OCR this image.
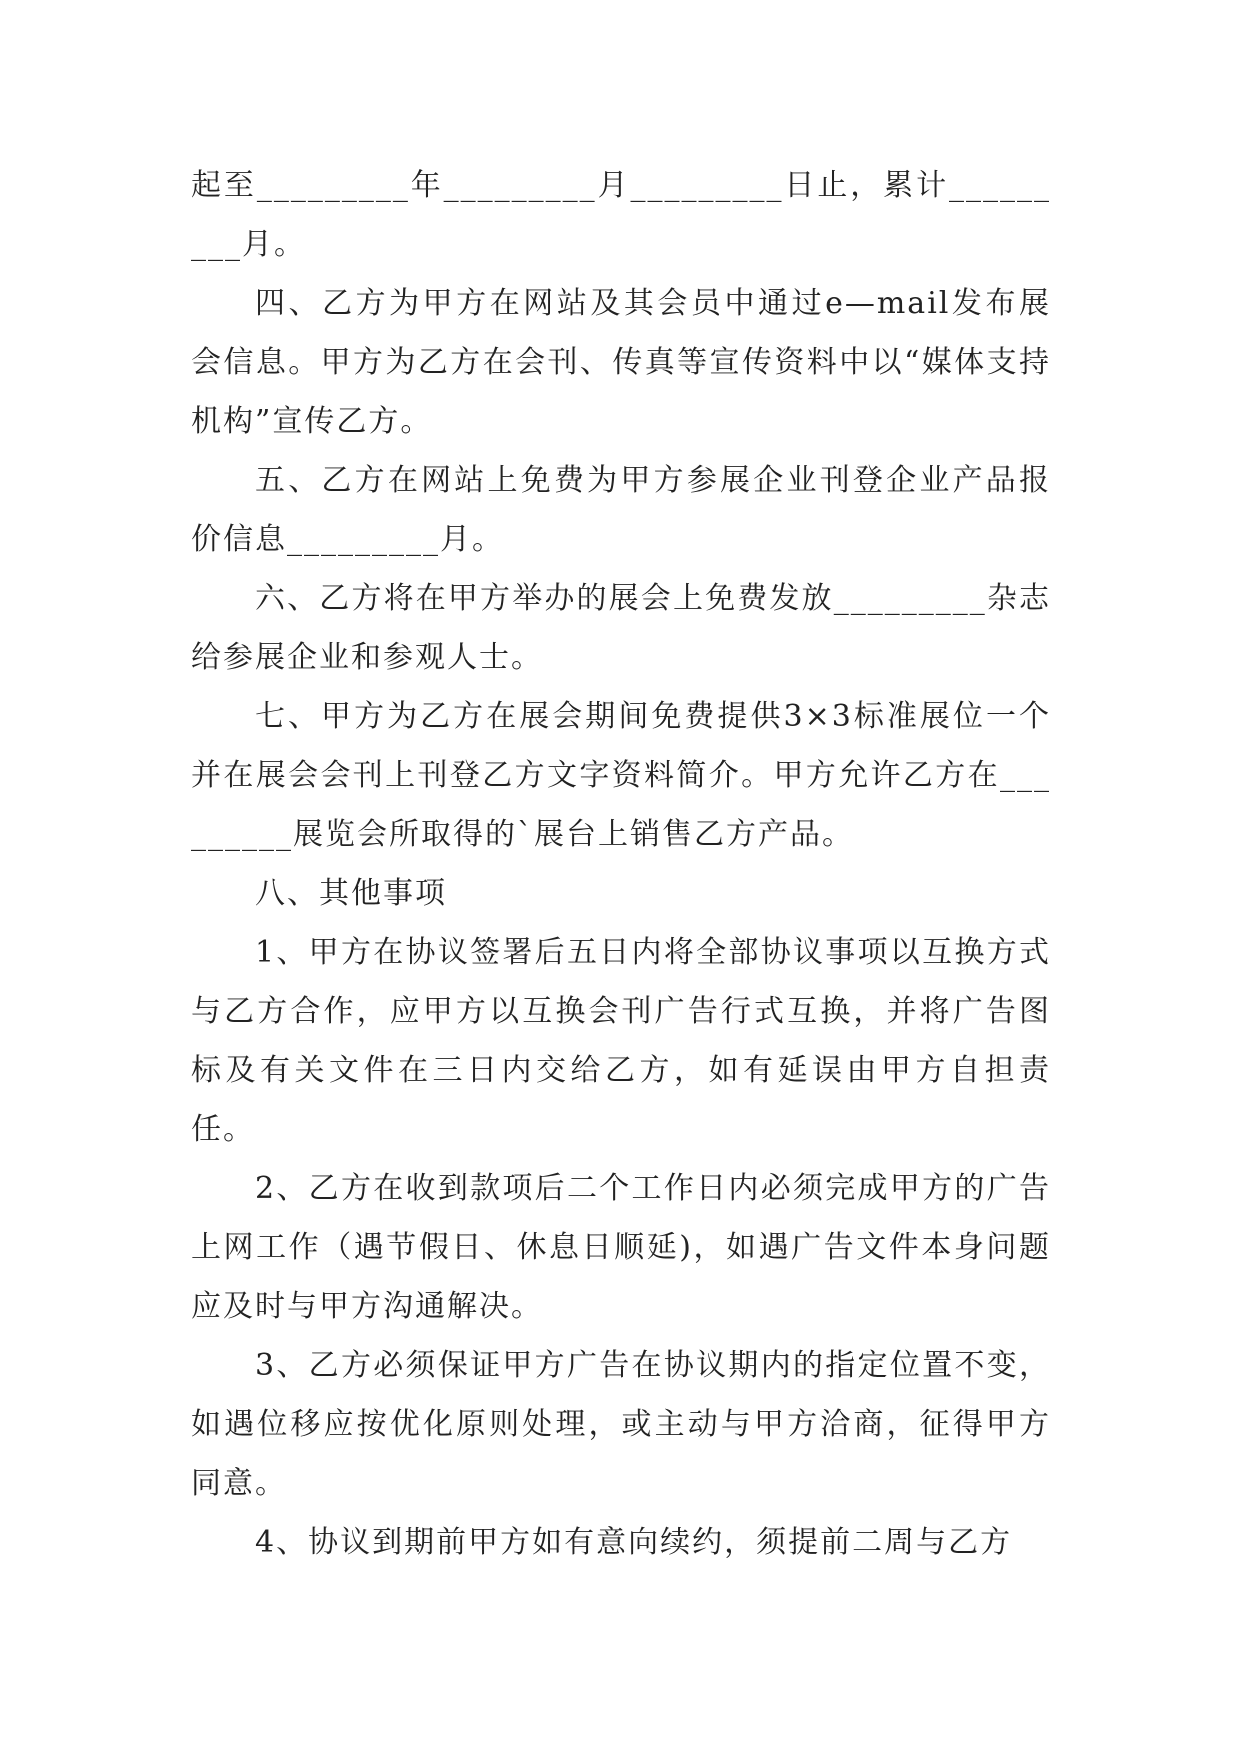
起至_________年_________月_________日止，累计_________月。

四、乙方为甲方在网站及其会员中通过e—mail发布展会信息。甲方为乙方在会刊、传真等宣传资料中以“媒体支持机构”宣传乙方。

五、乙方在网站上免费为甲方参展企业刊登企业产品报价信息_________月。

六、乙方将在甲方举办的展会上免费发放_________杂志给参展企业和参观人士。

七、甲方为乙方在展会期间免费提供3×3标准展位一个并在展会会刊上刊登乙方文字资料简介。甲方允许乙方在_________展览会所取得的`展台上销售乙方产品。

八、其他事项

1、甲方在协议签署后五日内将全部协议事项以互换方式与乙方合作，应甲方以互换会刊广告行式互换，并将广告图标及有关文件在三日内交给乙方，如有延误由甲方自担责任。

2、乙方在收到款项后二个工作日内必须完成甲方的广告上网工作（遇节假日、休息日顺延)，如遇广告文件本身问题应及时与甲方沟通解决。

3、乙方必须保证甲方广告在协议期内的指定位置不变，如遇位移应按优化原则处理，或主动与甲方洽商，征得甲方同意。

4、协议到期前甲方如有意向续约，须提前二周与乙方
